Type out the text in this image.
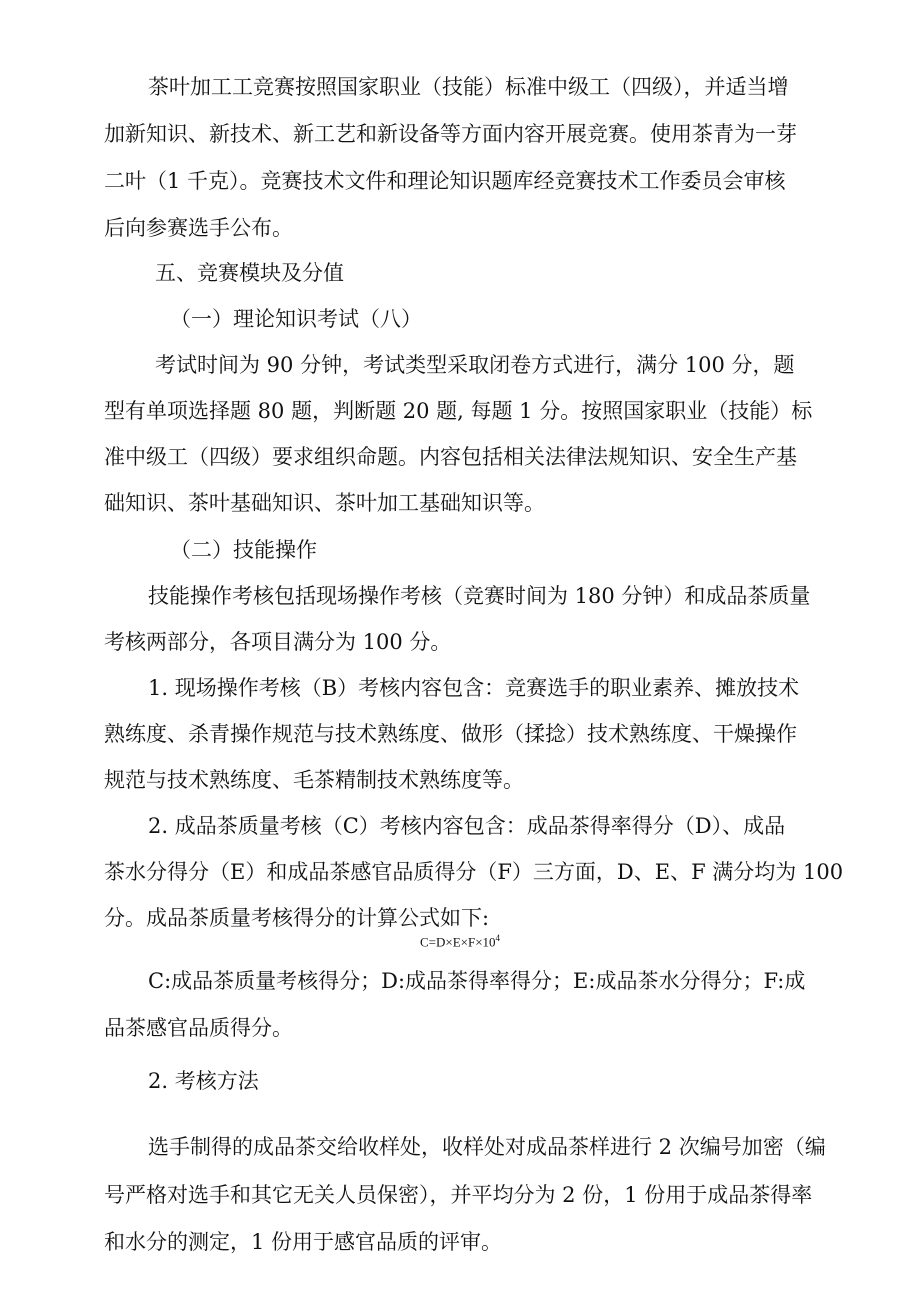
茶叶加工工竞赛按照国家职业（技能）标准中级工（四级），并适当增
加新知识、新技术、新工艺和新设备等方面内容开展竞赛。使用茶青为一芽
二叶（1 千克）。竞赛技术文件和理论知识题库经竞赛技术工作委员会审核
后向参赛选手公布。
五、竞赛模块及分值
（一）理论知识考试（八）
考试时间为 90 分钟，考试类型采取闭卷方式进行，满分 100 分，题
型有单项选择题 80 题，判断题 20 题, 每题 1 分。按照国家职业（技能）标
准中级工（四级）要求组织命题。内容包括相关法律法规知识、安全生产基
础知识、茶叶基础知识、茶叶加工基础知识等。
（二）技能操作
技能操作考核包括现场操作考核（竞赛时间为 180 分钟）和成品茶质量
考核两部分，各项目满分为 100 分。
1. 现场操作考核（B）考核内容包含：竞赛选手的职业素养、摊放技术
熟练度、杀青操作规范与技术熟练度、做形（揉捻）技术熟练度、干燥操作
规范与技术熟练度、毛茶精制技术熟练度等。
2. 成品茶质量考核（C）考核内容包含：成品茶得率得分（D）、成品
茶水分得分（E）和成品茶感官品质得分（F）三方面，D、E、F 满分均为 100
分。成品茶质量考核得分的计算公式如下:
$C=D\times E\times F\times 10^4$
C:成品茶质量考核得分；D:成品茶得率得分；E:成品茶水分得分；F:成
品茶感官品质得分。
2. 考核方法
选手制得的成品茶交给收样处，收样处对成品茶样进行 2 次编号加密（编
号严格对选手和其它无关人员保密），并平均分为 2 份，1 份用于成品茶得率
和水分的测定，1 份用于感官品质的评审。
